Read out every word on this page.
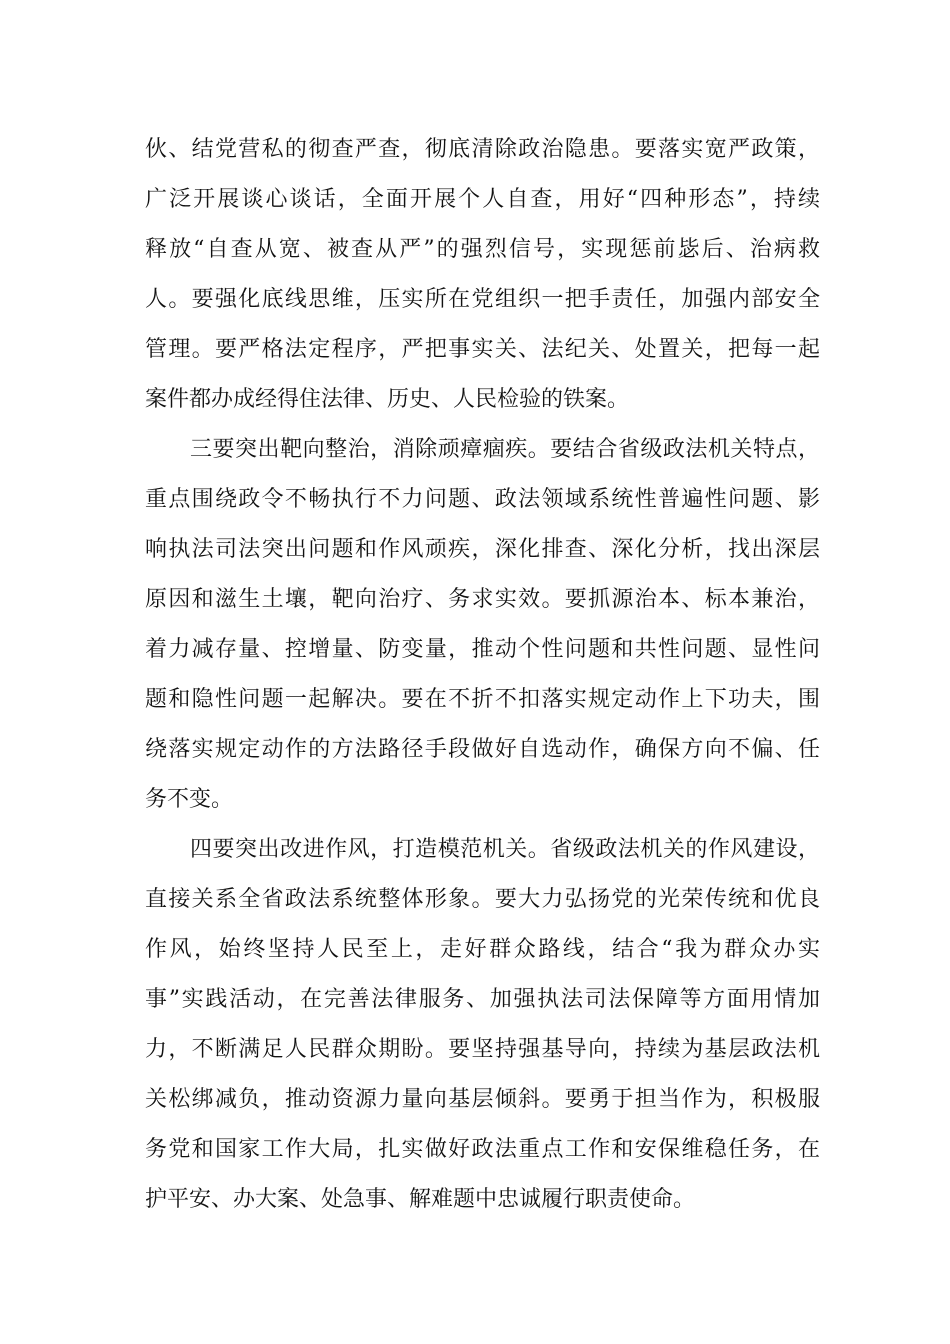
伙、结党营私的彻查严查，彻底清除政治隐患。要落实宽严政策，
广泛开展谈心谈话，全面开展个人自查，用好“四种形态”，持续
释放“自查从宽、被查从严”的强烈信号，实现惩前毖后、治病救
人。要强化底线思维，压实所在党组织一把手责任，加强内部安全
管理。要严格法定程序，严把事实关、法纪关、处置关，把每一起
案件都办成经得住法律、历史、人民检验的铁案。
三要突出靶向整治，消除顽瘴痼疾。要结合省级政法机关特点，
重点围绕政令不畅执行不力问题、政法领域系统性普遍性问题、影
响执法司法突出问题和作风顽疾，深化排查、深化分析，找出深层
原因和滋生土壤，靶向治疗、务求实效。要抓源治本、标本兼治，
着力减存量、控增量、防变量，推动个性问题和共性问题、显性问
题和隐性问题一起解决。要在不折不扣落实规定动作上下功夫，围
绕落实规定动作的方法路径手段做好自选动作，确保方向不偏、任
务不变。
四要突出改进作风，打造模范机关。省级政法机关的作风建设，
直接关系全省政法系统整体形象。要大力弘扬党的光荣传统和优良
作风，始终坚持人民至上，走好群众路线，结合“我为群众办实
事”实践活动，在完善法律服务、加强执法司法保障等方面用情加
力，不断满足人民群众期盼。要坚持强基导向，持续为基层政法机
关松绑减负，推动资源力量向基层倾斜。要勇于担当作为，积极服
务党和国家工作大局，扎实做好政法重点工作和安保维稳任务，在
护平安、办大案、处急事、解难题中忠诚履行职责使命。
